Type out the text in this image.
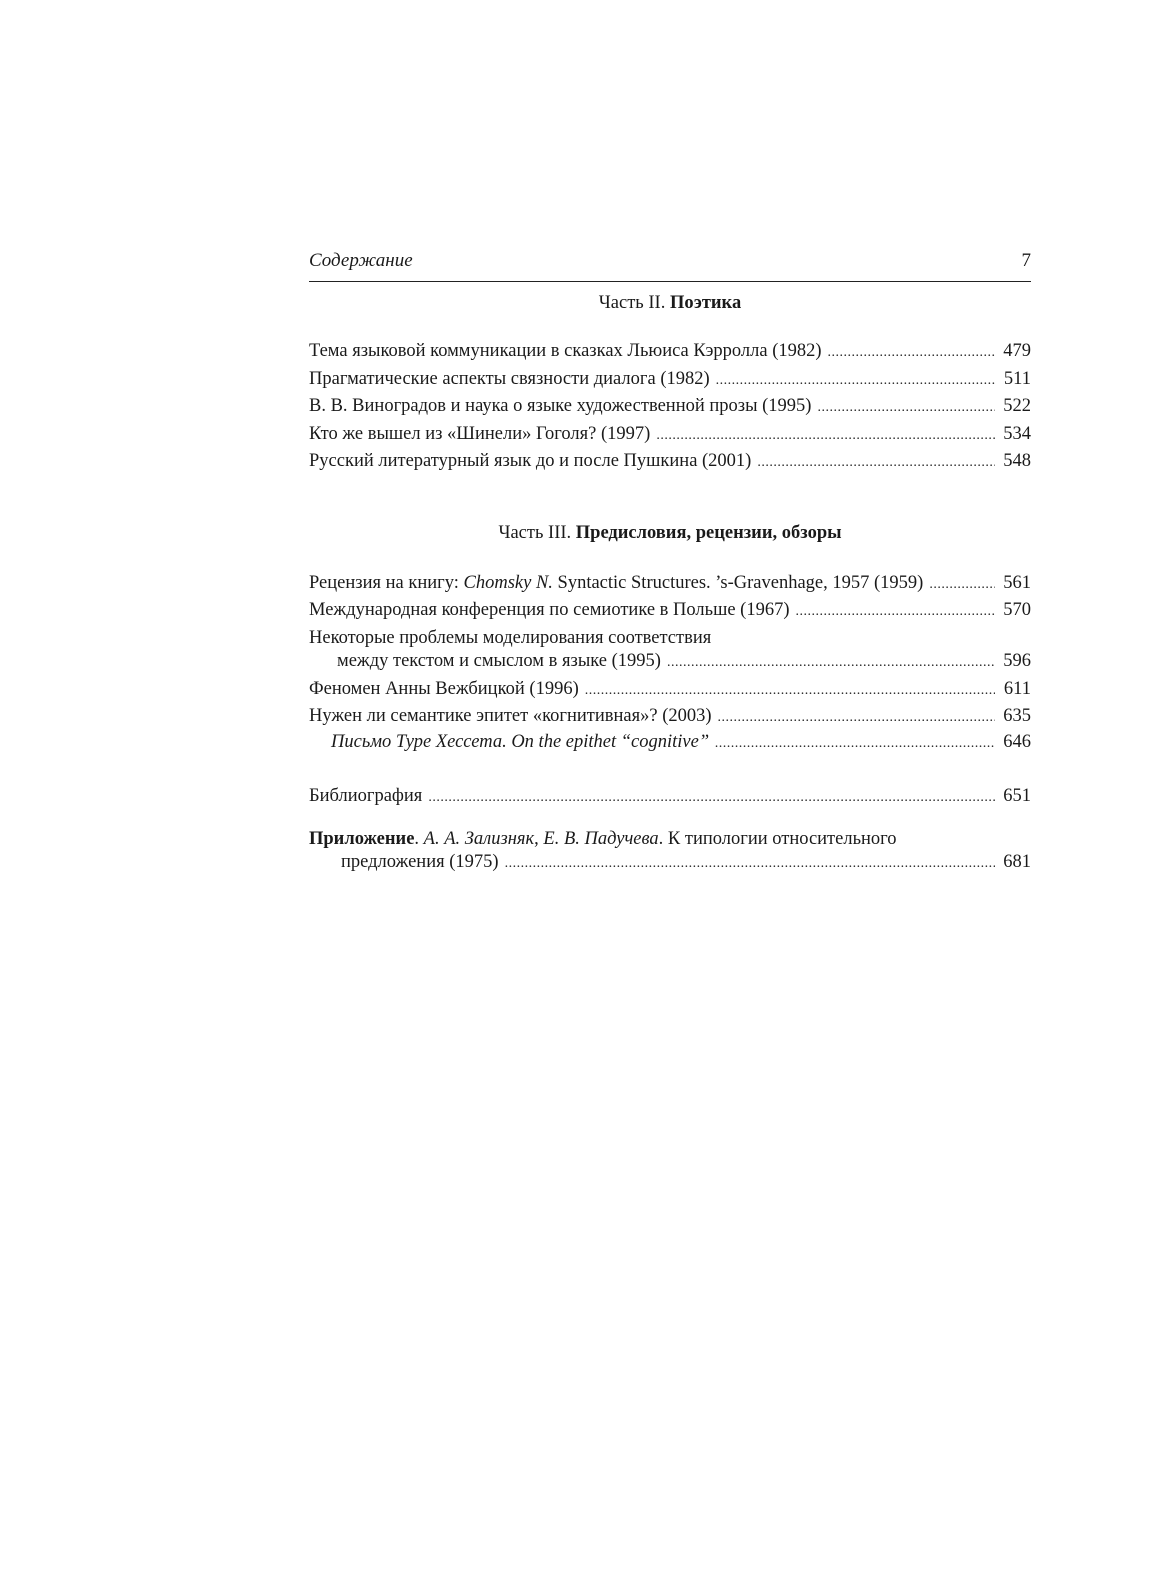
Содержание	7
Часть II. Поэтика
Тема языковой коммуникации в сказках Льюиса Кэрролла (1982) .....	479
Прагматические аспекты связности диалога (1982) .....	511
В. В. Виноградов и наука о языке художественной прозы (1995) .....	522
Кто же вышел из «Шинели» Гоголя? (1997) .....	534
Русский литературный язык до и после Пушкина (2001) .....	548
Часть III. Предисловия, рецензии, обзоры
Рецензия на книгу: Chomsky N. Syntactic Structures. ’s-Gravenhage, 1957 (1959) .....	561
Международная конференция по семиотике в Польше (1967) .....	570
Некоторые проблемы моделирования соответствия
между текстом и смыслом в языке (1995) .....	596
Феномен Анны Вежбицкой (1996) .....	611
Нужен ли семантике эпитет «когнитивная»? (2003) .....	635
Письмо Туре Хессета. On the epithet “cognitive” .....	646
Библиография .....	651
Приложение. А. А. Зализняк, Е. В. Падучева. К типологии относительного
предложения (1975) .....	681
